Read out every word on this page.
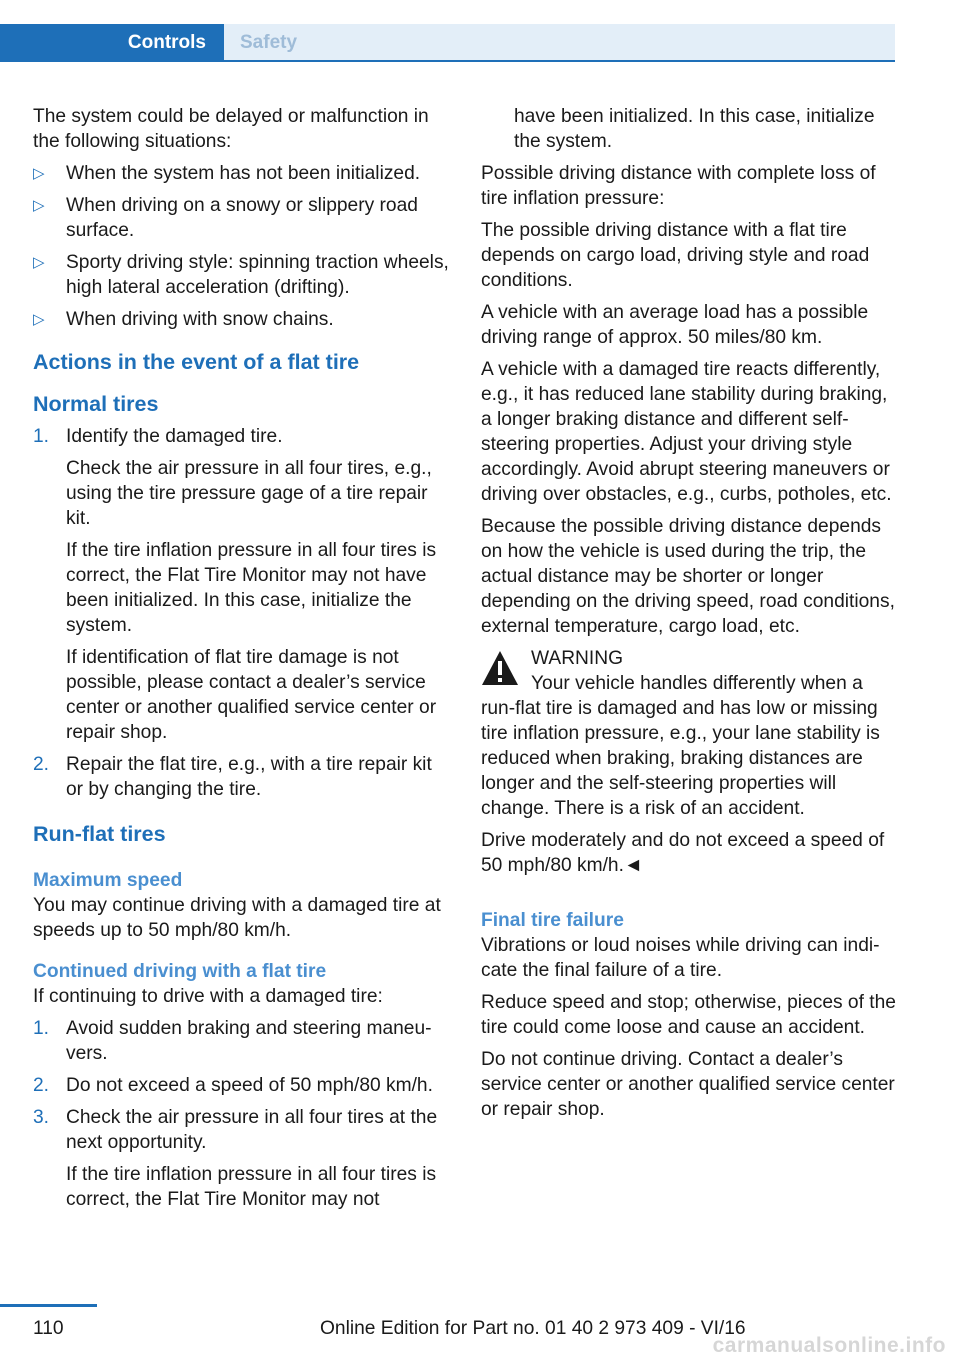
Controls	Safety

The system could be delayed or malfunction in the following situations:

▷ When the system has not been initialized.
▷ When driving on a snowy or slippery road surface.
▷ Sporty driving style: spinning traction wheels, high lateral acceleration (drifting).
▷ When driving with snow chains.
Actions in the event of a flat tire
Normal tires
1. Identify the damaged tire.
Check the air pressure in all four tires, e.g., using the tire pressure gage of a tire repair kit.
If the tire inflation pressure in all four tires is correct, the Flat Tire Monitor may not have been initialized. In this case, initialize the system.
If identification of flat tire damage is not possible, please contact a dealer’s service center or another qualified service center or repair shop.
2. Repair the flat tire, e.g., with a tire repair kit or by changing the tire.
Run-flat tires
Maximum speed

You may continue driving with a damaged tire at speeds up to 50 mph/80 km/h.

Continued driving with a flat tire

If continuing to drive with a damaged tire:

1. Avoid sudden braking and steering maneuvers.
2. Do not exceed a speed of 50 mph/80 km/h.
3. Check the air pressure in all four tires at the next opportunity.
If the tire inflation pressure in all four tires is correct, the Flat Tire Monitor may not
have been initialized. In this case, initialize the system.

Possible driving distance with complete loss of tire inflation pressure:

The possible driving distance with a flat tire depends on cargo load, driving style and road conditions.

A vehicle with an average load has a possible driving range of approx. 50 miles/80 km.

A vehicle with a damaged tire reacts differently, e.g., it has reduced lane stability during braking, a longer braking distance and different self-steering properties. Adjust your driving style accordingly. Avoid abrupt steering maneuvers or driving over obstacles, e.g., curbs, potholes, etc.

Because the possible driving distance depends on how the vehicle is used during the trip, the actual distance may be shorter or longer depending on the driving speed, road conditions, external temperature, cargo load, etc.

WARNING

Your vehicle handles differently when a run-flat tire is damaged and has low or missing tire inflation pressure, e.g., your lane stability is reduced when braking, braking distances are longer and the self-steering properties will change. There is a risk of an accident.

Drive moderately and do not exceed a speed of 50 mph/80 km/h.◄

Final tire failure

Vibrations or loud noises while driving can indicate the final failure of a tire.

Reduce speed and stop; otherwise, pieces of the tire could come loose and cause an accident.

Do not continue driving. Contact a dealer’s service center or another qualified service center or repair shop.

110	Online Edition for Part no. 01 40 2 973 409 - VI/16
carmanualsonline.info
